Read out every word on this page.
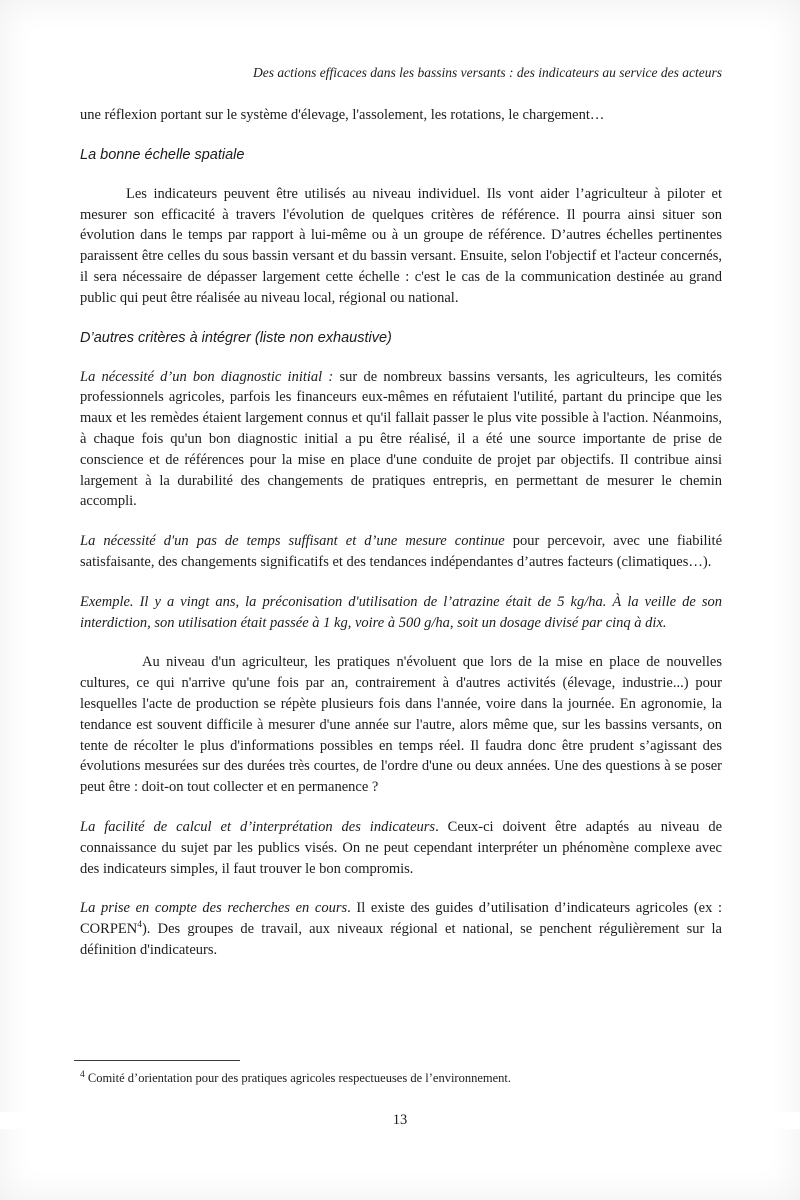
Des actions efficaces dans les bassins versants : des indicateurs au service des acteurs

une réflexion portant sur le système d'élevage, l'assolement, les rotations, le chargement…

La bonne échelle spatiale

Les indicateurs peuvent être utilisés au niveau individuel. Ils vont aider l’agriculteur à piloter et mesurer son efficacité à travers l'évolution de quelques critères de référence. Il pourra ainsi situer son évolution dans le temps par rapport à lui-même ou à un groupe de référence. D’autres échelles pertinentes paraissent être celles du sous bassin versant et du bassin versant. Ensuite, selon l'objectif et l'acteur concernés, il sera nécessaire de dépasser largement cette échelle : c'est le cas de la communication destinée au grand public qui peut être réalisée au niveau local, régional ou national.

D’autres critères à intégrer (liste non exhaustive)

La nécessité d’un bon diagnostic initial : sur de nombreux bassins versants, les agriculteurs, les comités professionnels agricoles, parfois les financeurs eux-mêmes en réfutaient l'utilité, partant du principe que les maux et les remèdes étaient largement connus et qu'il fallait passer le plus vite possible à l'action. Néanmoins, à chaque fois qu'un bon diagnostic initial a pu être réalisé, il a été une source importante de prise de conscience et de références pour la mise en place d'une conduite de projet par objectifs. Il contribue ainsi largement à la durabilité des changements de pratiques entrepris, en permettant de mesurer le chemin accompli.

La nécessité d'un pas de temps suffisant et d’une mesure continue pour percevoir, avec une fiabilité satisfaisante, des changements significatifs et des tendances indépendantes d’autres facteurs (climatiques…).

Exemple. Il y a vingt ans, la préconisation d'utilisation de l’atrazine était de 5 kg/ha. À la veille de son interdiction, son utilisation était passée à 1 kg, voire à 500 g/ha, soit un dosage divisé par cinq à dix.

Au niveau d'un agriculteur, les pratiques n'évoluent que lors de la mise en place de nouvelles cultures, ce qui n'arrive qu'une fois par an, contrairement à d'autres activités (élevage, industrie...) pour lesquelles l'acte de production se répète plusieurs fois dans l'année, voire dans la journée. En agronomie, la tendance est souvent difficile à mesurer d'une année sur l'autre, alors même que, sur les bassins versants, on tente de récolter le plus d'informations possibles en temps réel. Il faudra donc être prudent s’agissant des évolutions mesurées sur des durées très courtes, de l'ordre d'une ou deux années. Une des questions à se poser peut être : doit-on tout collecter et en permanence ?

La facilité de calcul et d’interprétation des indicateurs. Ceux-ci doivent être adaptés au niveau de connaissance du sujet par les publics visés. On ne peut cependant interpréter un phénomène complexe avec des indicateurs simples, il faut trouver le bon compromis.

La prise en compte des recherches en cours. Il existe des guides d’utilisation d’indicateurs agricoles (ex : CORPEN$^4$). Des groupes de travail, aux niveaux régional et national, se penchent régulièrement sur la définition d'indicateurs.

$^4$ Comité d’orientation pour des pratiques agricoles respectueuses de l’environnement.

13
